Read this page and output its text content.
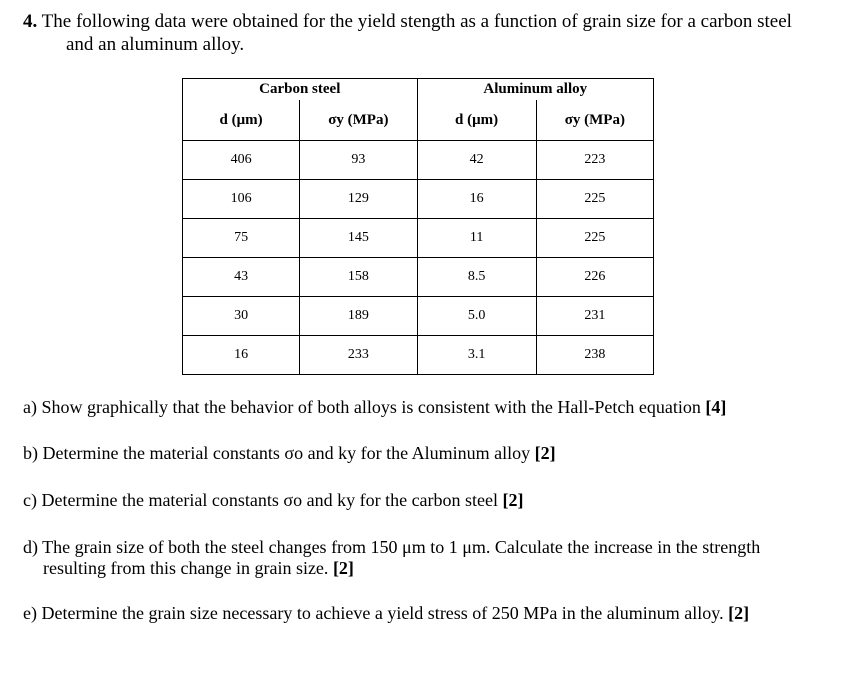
4. The following data were obtained for the yield stength as a function of grain size for a carbon steel
and an aluminum alloy.
Carbon steel		Aluminum alloy	
d (μm)	σy (MPa)	d (μm)	σy (MPa)
406	93	42	223
106	129	16	225
75	145	11	225
43	158	8.5	226
30	189	5.0	231
16	233	3.1	238
a) Show graphically that the behavior of both alloys is consistent with the Hall-Petch equation [4]
b) Determine the material constants σo and ky for the Aluminum alloy [2]
c) Determine the material constants σo and ky for the carbon steel [2]
d) The grain size of both the steel changes from 150 μm to 1 μm. Calculate the increase in the strength
resulting from this change in grain size. [2]
e) Determine the grain size necessary to achieve a yield stress of 250 MPa in the aluminum alloy. [2]
